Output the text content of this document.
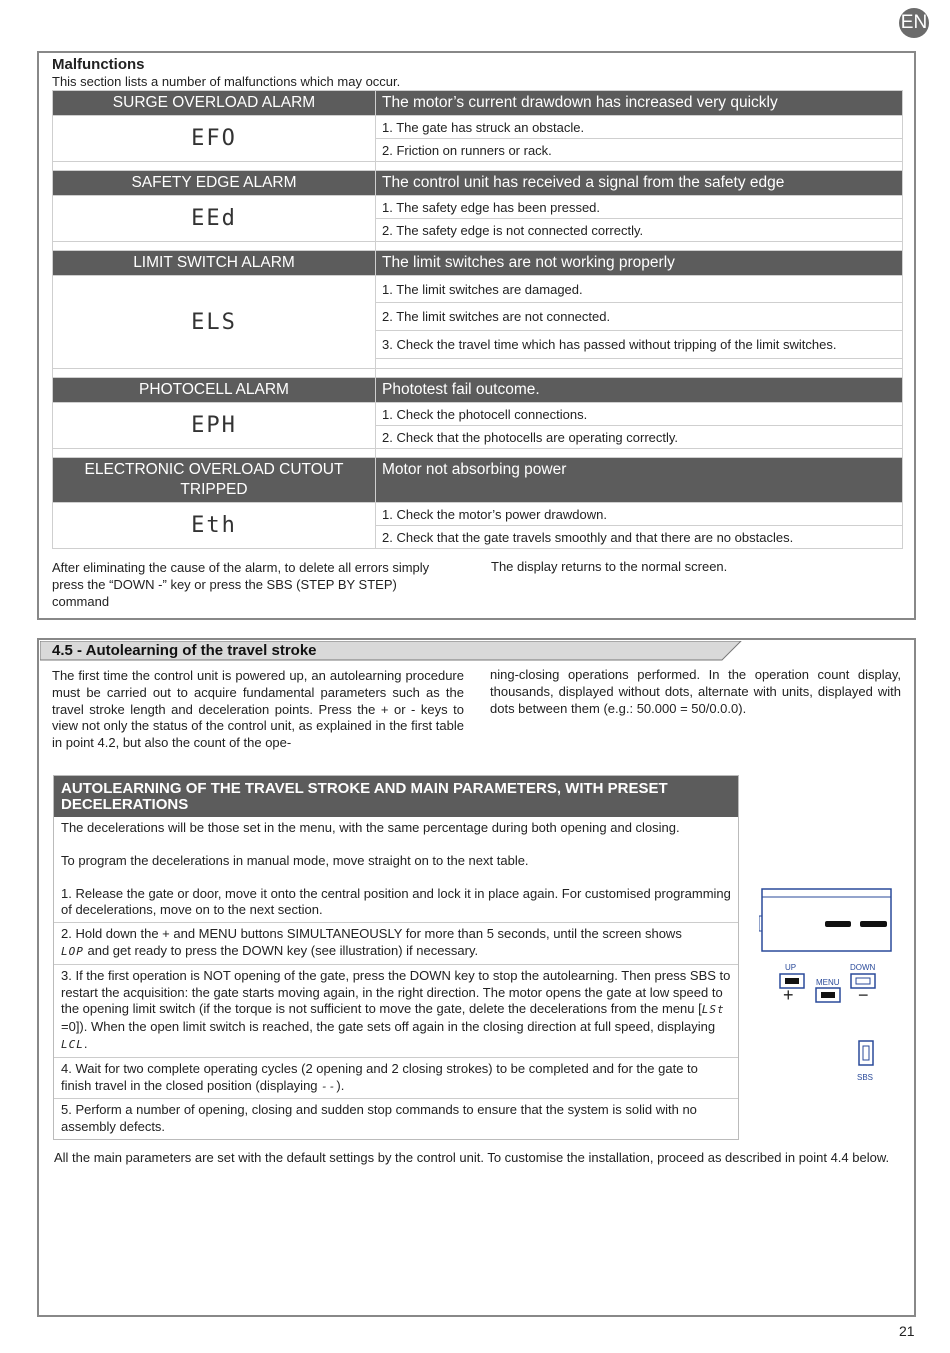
EN
Malfunctions
This section lists a number of malfunctions which may occur.
SURGE OVERLOAD ALARM	The motor’s current drawdown has increased very quickly
EFO	1. The gate has struck an obstacle.
	2. Friction on runners or rack.

SAFETY EDGE ALARM	The control unit has received a signal from the safety edge
EEd	1. The safety edge has been pressed.
	2. The safety edge is not connected correctly.

LIMIT SWITCH ALARM	The limit switches are not working properly
ELS	1. The limit switches are damaged.
	2. The limit switches are not connected.
	3. Check the travel time which has passed without tripping of the limit switches.

PHOTOCELL ALARM	Phototest fail outcome.
EPH	1. Check the photocell connections.
	2. Check that the photocells are operating correctly.

ELECTRONIC OVERLOAD CUTOUT TRIPPED	Motor not absorbing power
Eth	1. Check the motor’s power drawdown.
	2. Check that the gate travels smoothly and that there are no obstacles.
After eliminating the cause of the alarm, to delete all errors simply press the “DOWN -” key or press the SBS (STEP BY STEP) command
The display returns to the normal screen.
4.5 - Autolearning of the travel stroke
The first time the control unit is powered up, an autolearning procedure must be carried out to acquire fundamental parameters such as the travel stroke length and deceleration points. Press the + or - keys to view not only the status of the control unit, as explained in the first table in point 4.2, but also the count of the ope-
ning-closing operations performed. In the operation count display, thousands, displayed without dots, alternate with units, displayed with dots between them (e.g.: 50.000 = 50/0.0.0).
AUTOLEARNING OF THE TRAVEL STROKE AND MAIN PARAMETERS, WITH PRESET DECELERATIONS
The decelerations will be those set in the menu, with the same percentage during both opening and closing.
To program the decelerations in manual mode, move straight on to the next table.
1. Release the gate or door, move it onto the central position and lock it in place again. For customised programming of decelerations, move on to the next section.
2. Hold down the + and MENU buttons SIMULTANEOUSLY for more than 5 seconds, until the screen shows
LOP and get ready to press the DOWN key (see illustration) if necessary.
3. If the first operation is NOT opening of the gate, press the DOWN key to stop the autolearning. Then press SBS to restart the acquisition: the gate starts moving again, in the right direction. The motor opens the gate at low speed to the opening limit switch (if the torque is not sufficient to move the gate, delete the decelerations from the menu [LSt =0]). When the open limit switch is reached, the gate sets off again in the closing direction at full speed, displaying LCL.
4. Wait for two complete operating cycles (2 opening and 2 closing strokes) to be completed and for the gate to finish travel in the closed position (displaying --).
5. Perform a number of opening, closing and sudden stop commands to ensure that the system is solid with no assembly defects.
UP	DOWN
MENU
+	−
SBS
All the main parameters are set with the default settings by the control unit. To customise the installation, proceed as described in point 4.4 below.
21
